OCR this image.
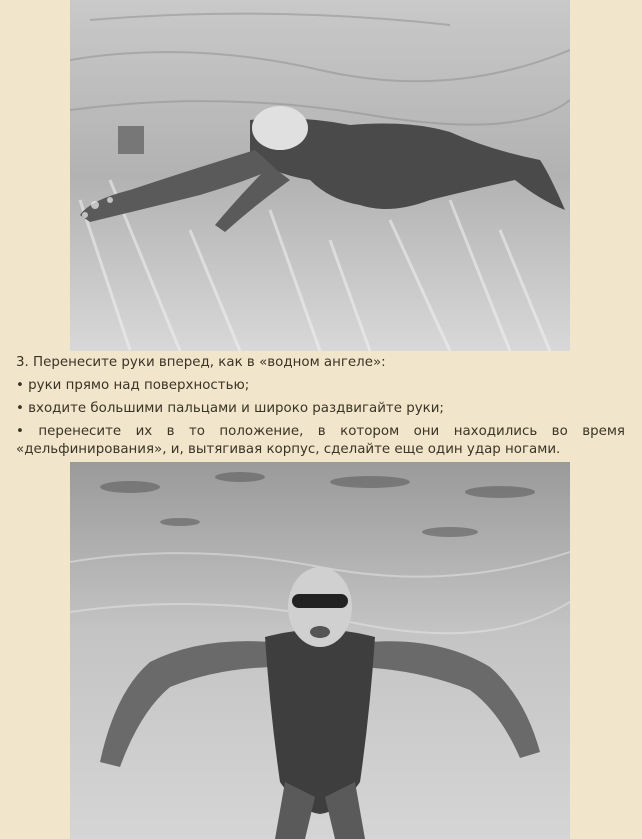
3. Перенесите руки вперед, как в «водном ангеле»:

• руки прямо над поверхностью;

• входите большими пальцами и широко раздвигайте руки;

• перенесите их в то положение, в котором они находились во время «дельфинирования», и, вытягивая корпус, сделайте еще один удар ногами.
